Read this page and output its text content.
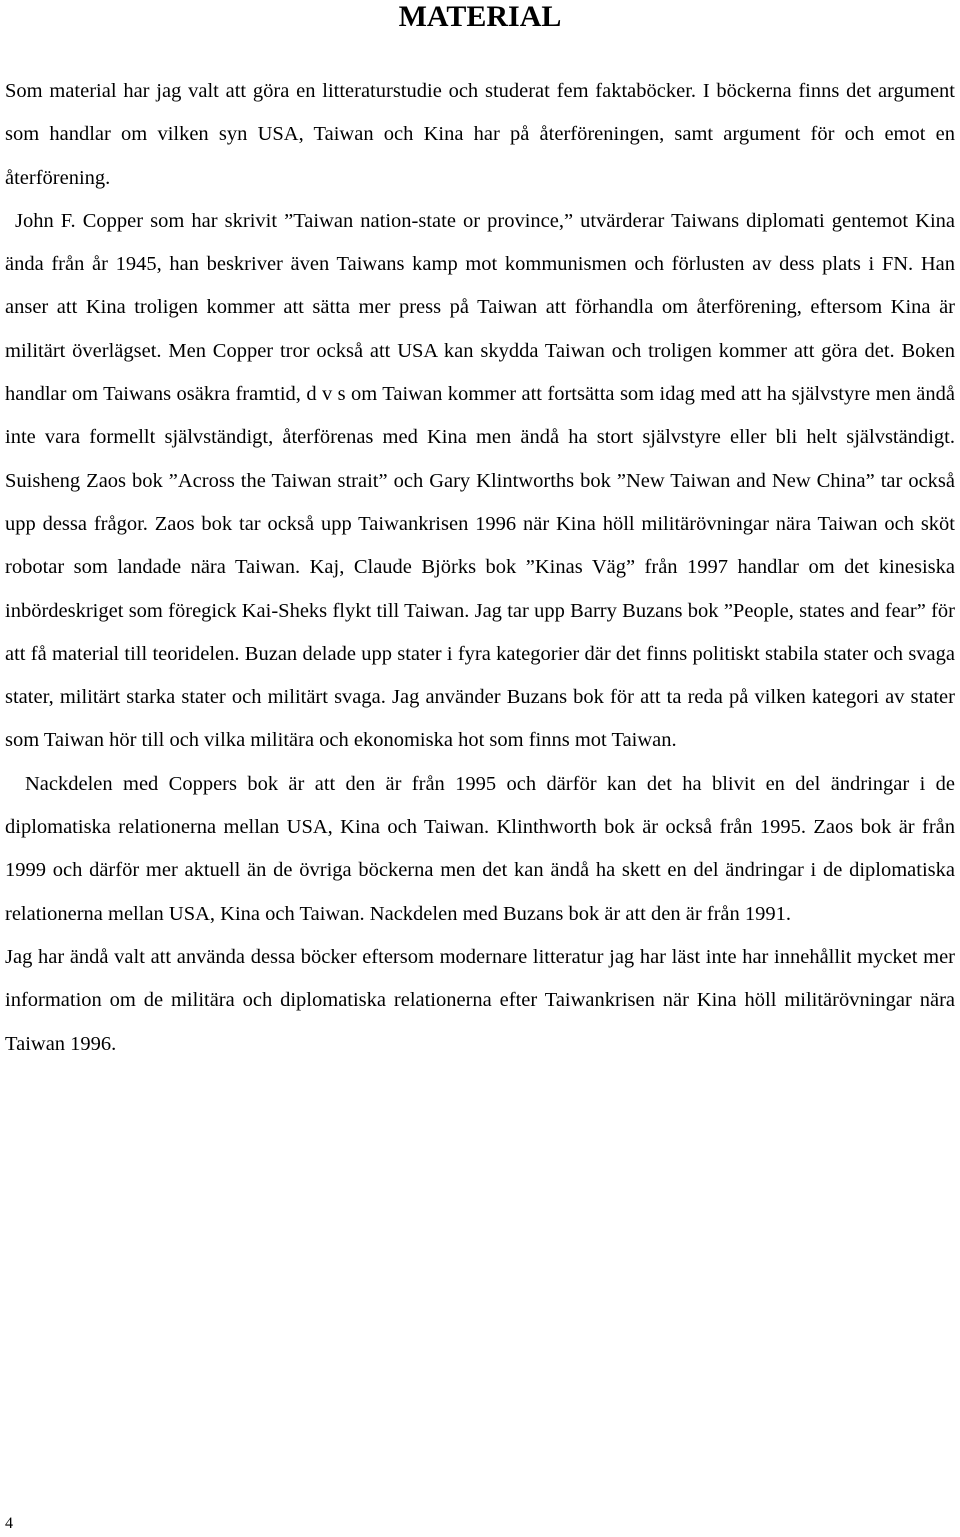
MATERIAL

Som material har jag valt att göra en litteraturstudie och studerat fem faktaböcker. I böckerna finns det argument som handlar om vilken syn USA, Taiwan och Kina har på återföreningen, samt argument för och emot en återförening.

John F. Copper som har skrivit ”Taiwan nation-state or province,” utvärderar Taiwans diplomati gentemot Kina ända från år 1945, han beskriver även Taiwans kamp mot kommunismen och förlusten av dess plats i FN. Han anser att Kina troligen kommer att sätta mer press på Taiwan att förhandla om återförening, eftersom Kina är militärt överlägset. Men Copper tror också att USA kan skydda Taiwan och troligen kommer att göra det. Boken handlar om Taiwans osäkra framtid, d v s om Taiwan kommer att fortsätta som idag med att ha självstyre men ändå inte vara formellt självständigt, återförenas med Kina men ändå ha stort självstyre eller bli helt självständigt. Suisheng Zaos bok ”Across the Taiwan strait” och Gary Klintworths bok ”New Taiwan and New China” tar också upp dessa frågor. Zaos bok tar också upp Taiwankrisen 1996 när Kina höll militärövningar nära Taiwan och sköt robotar som landade nära Taiwan. Kaj, Claude Björks bok ”Kinas Väg” från 1997 handlar om det kinesiska inbördeskriget som föregick Kai-Sheks flykt till Taiwan. Jag tar upp Barry Buzans bok ”People, states and fear” för att få material till teoridelen. Buzan delade upp stater i fyra kategorier där det finns politiskt stabila stater och svaga stater, militärt starka stater och militärt svaga. Jag använder Buzans bok för att ta reda på vilken kategori av stater som Taiwan hör till och vilka militära och ekonomiska hot som finns mot Taiwan.

Nackdelen med Coppers bok är att den är från 1995 och därför kan det ha blivit en del ändringar i de diplomatiska relationerna mellan USA, Kina och Taiwan. Klinthworth bok är också från 1995. Zaos bok är från 1999 och därför mer aktuell än de övriga böckerna men det kan ändå ha skett en del ändringar i de diplomatiska relationerna mellan USA, Kina och Taiwan. Nackdelen med Buzans bok är att den är från 1991.

Jag har ändå valt att använda dessa böcker eftersom modernare litteratur jag har läst inte har innehållit mycket mer information om de militära och diplomatiska relationerna efter Taiwankrisen när Kina höll militärövningar nära Taiwan 1996.

4
